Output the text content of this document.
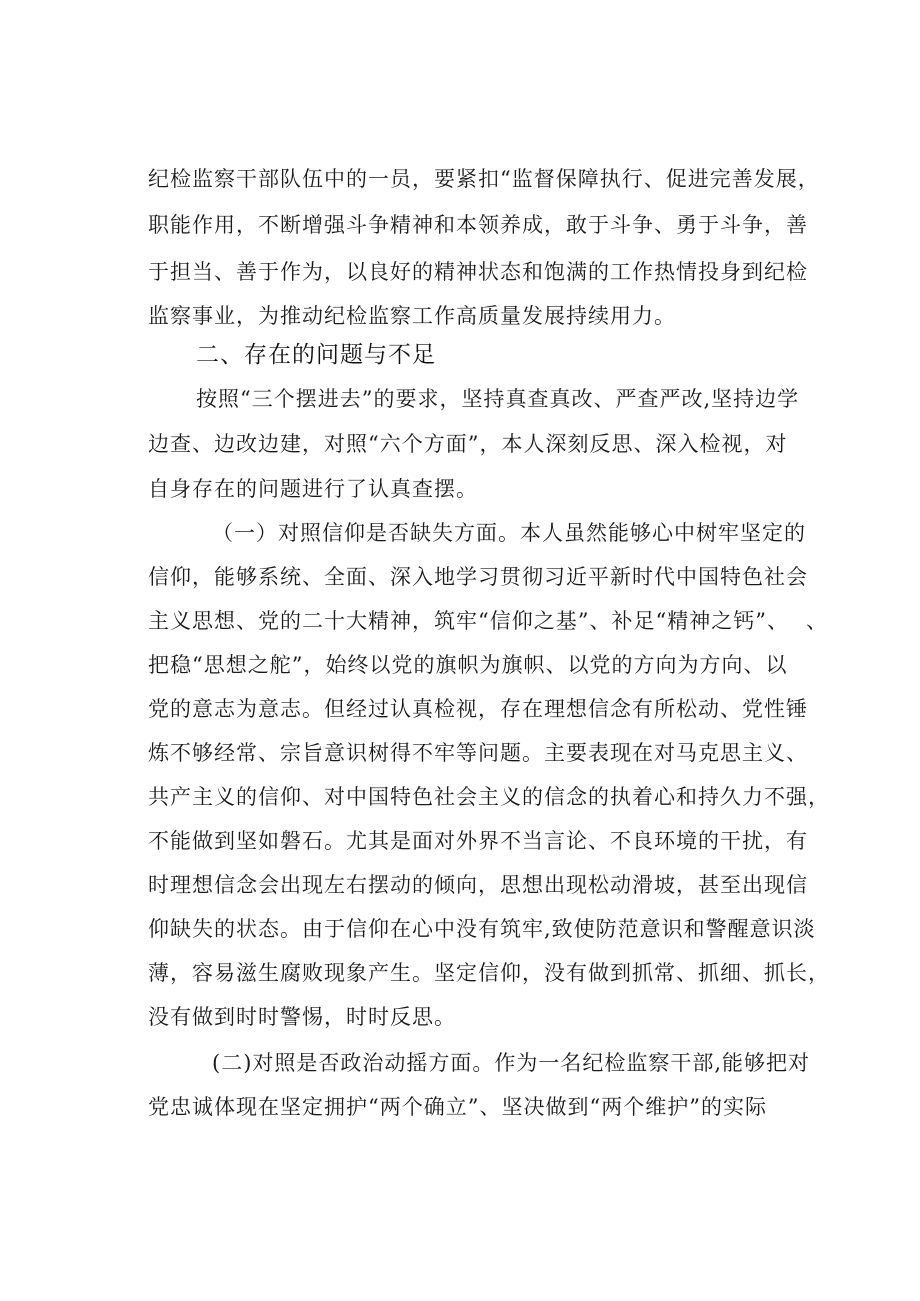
纪检监察干部队伍中的一员，要紧扣“监督保障执行、促进完善发展，
职能作用，不断增强斗争精神和本领养成，敢于斗争、勇于斗争，善
于担当、善于作为，以良好的精神状态和饱满的工作热情投身到纪检
监察事业，为推动纪检监察工作高质量发展持续用力。
二、存在的问题与不足
按照“三个摆进去”的要求，坚持真查真改、严查严改,坚持边学
边查、边改边建，对照“六个方面”，本人深刻反思、深入检视，对
自身存在的问题进行了认真查摆。
（一）对照信仰是否缺失方面。本人虽然能够心中树牢坚定的
信仰，能够系统、全面、深入地学习贯彻习近平新时代中国特色社会
主义思想、党的二十大精神，筑牢“信仰之基”、补足“精神之钙”、
把稳“思想之舵”，始终以党的旗帜为旗帜、以党的方向为方向、以
党的意志为意志。但经过认真检视，存在理想信念有所松动、党性锤
炼不够经常、宗旨意识树得不牢等问题。主要表现在对马克思主义、
共产主义的信仰、对中国特色社会主义的信念的执着心和持久力不强，
不能做到坚如磐石。尤其是面对外界不当言论、不良环境的干扰，有
时理想信念会出现左右摆动的倾向，思想出现松动滑坡，甚至出现信
仰缺失的状态。由于信仰在心中没有筑牢,致使防范意识和警醒意识淡
薄，容易滋生腐败现象产生。坚定信仰，没有做到抓常、抓细、抓长，
没有做到时时警惕，时时反思。
(二)对照是否政治动摇方面。作为一名纪检监察干部,能够把对
党忠诚体现在坚定拥护“两个确立”、坚决做到“两个维护”的实际
、
